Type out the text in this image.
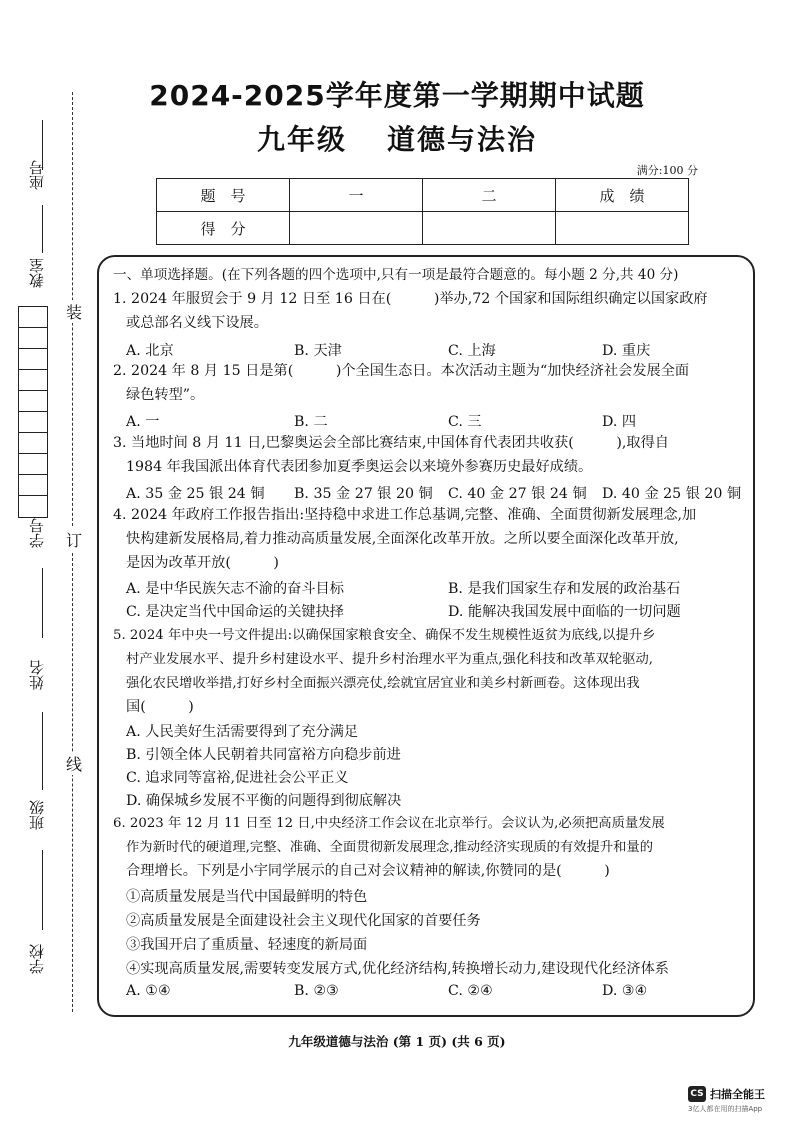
装
订
线
座号
教室
学号
姓名
班级
学校
2024-2025学年度第一学期期中试题
九年级 道德与法治
满分:100 分
题　号	一	二	成　绩
得　分			
一、单项选择题。(在下列各题的四个选项中,只有一项是最符合题意的。每小题 2 分,共 40 分)
1. 2024 年服贸会于 9 月 12 日至 16 日在(　　　)举办,72 个国家和国际组织确定以国家政府
或总部名义线下设展。
A. 北京	B. 天津	C. 上海	D. 重庆
2. 2024 年 8 月 15 日是第(　　　)个全国生态日。本次活动主题为“加快经济社会发展全面
绿色转型”。
A. 一	B. 二	C. 三	D. 四
3. 当地时间 8 月 11 日,巴黎奥运会全部比赛结束,中国体育代表团共收获(　　　),取得自
1984 年我国派出体育代表团参加夏季奥运会以来境外参赛历史最好成绩。
A. 35 金 25 银 24 铜 B. 35 金 27 银 20 铜 C. 40 金 27 银 24 铜 D. 40 金 25 银 20 铜
4. 2024 年政府工作报告指出:坚持稳中求进工作总基调,完整、准确、全面贯彻新发展理念,加
快构建新发展格局,着力推动高质量发展,全面深化改革开放。之所以要全面深化改革开放,
是因为改革开放(　　　)
A. 是中华民族矢志不渝的奋斗目标	B. 是我们国家生存和发展的政治基石
C. 是决定当代中国命运的关键抉择	D. 能解决我国发展中面临的一切问题
5. 2024 年中央一号文件提出:以确保国家粮食安全、确保不发生规模性返贫为底线,以提升乡
村产业发展水平、提升乡村建设水平、提升乡村治理水平为重点,强化科技和改革双轮驱动,
强化农民增收举措,打好乡村全面振兴漂亮仗,绘就宜居宜业和美乡村新画卷。这体现出我
国(　　　)
A. 人民美好生活需要得到了充分满足
B. 引领全体人民朝着共同富裕方向稳步前进
C. 追求同等富裕,促进社会公平正义
D. 确保城乡发展不平衡的问题得到彻底解决
6. 2023 年 12 月 11 日至 12 日,中央经济工作会议在北京举行。会议认为,必须把高质量发展
作为新时代的硬道理,完整、准确、全面贯彻新发展理念,推动经济实现质的有效提升和量的
合理增长。下列是小宇同学展示的自己对会议精神的解读,你赞同的是(　　　)
①高质量发展是当代中国最鲜明的特色
②高质量发展是全面建设社会主义现代化国家的首要任务
③我国开启了重质量、轻速度的新局面
④实现高质量发展,需要转变发展方式,优化经济结构,转换增长动力,建设现代化经济体系
A. ①④	B. ②③	C. ②④	D. ③④
九年级道德与法治 (第 1 页) (共 6 页)
CS 扫描全能王
3亿人都在用的扫描App
